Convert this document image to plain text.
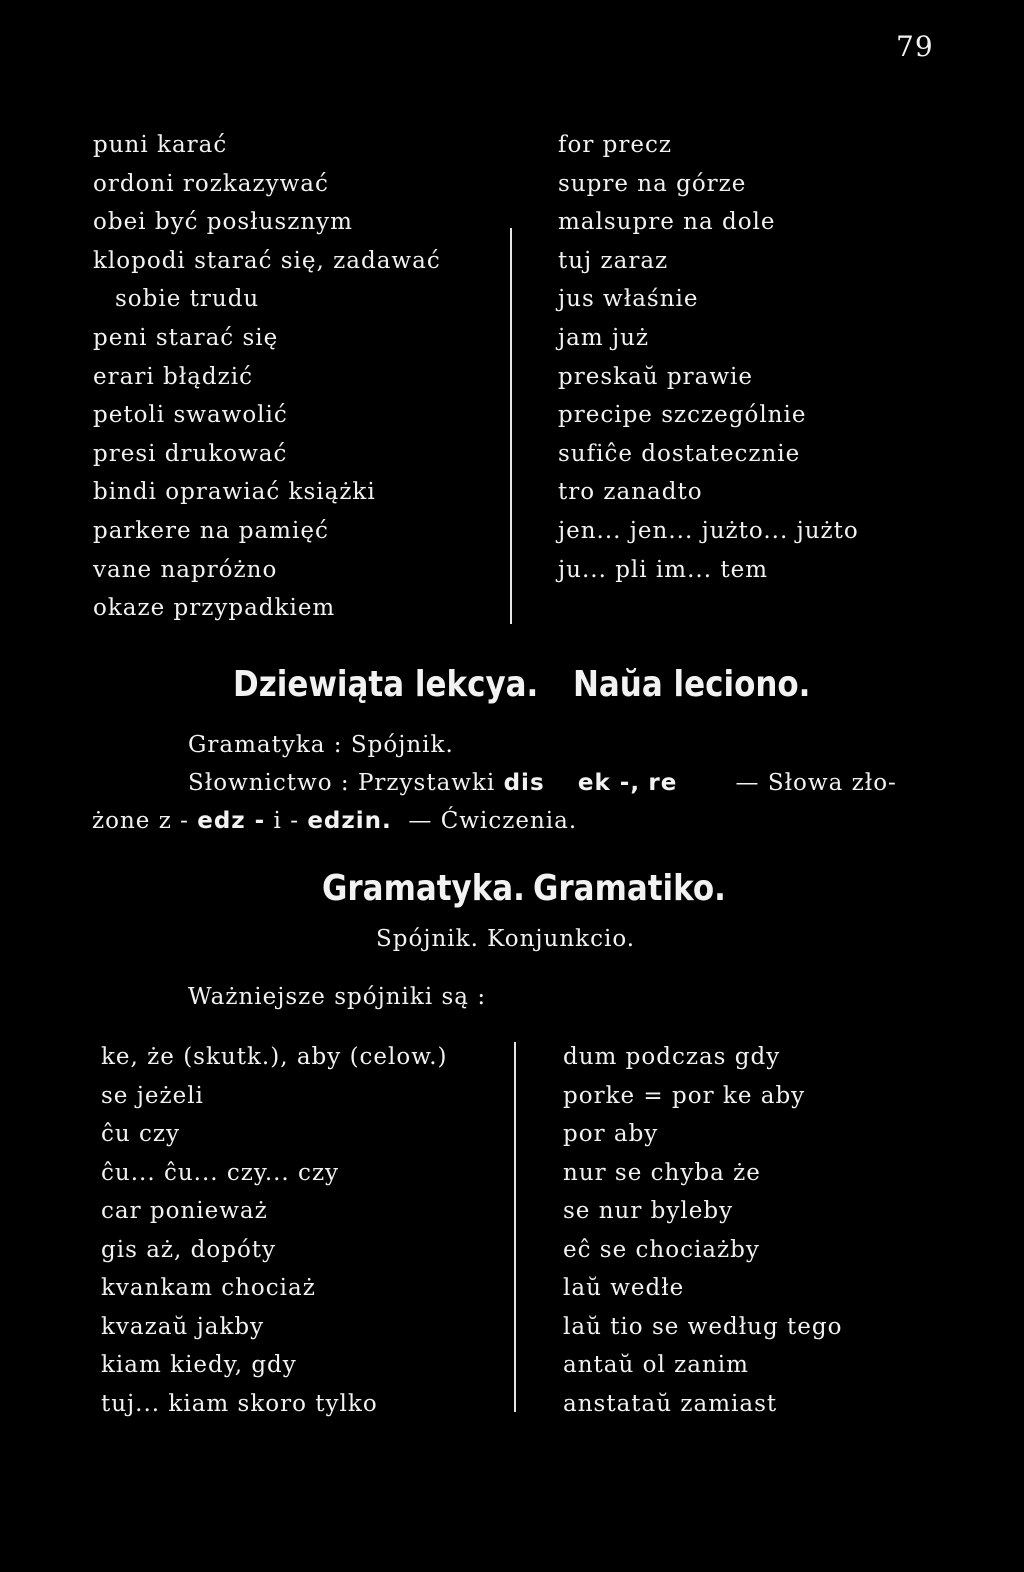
79
puni karać
ordoni rozkazywać
obei być posłusznym
klopodi starać się, zadawać
sobie trudu
peni starać się
erari błądzić
petoli swawolić
presi drukować
bindi oprawiać książki
parkere na pamięć
vane napróżno
okaze przypadkiem
for precz
supre na górze
malsupre na dole
tuj zaraz
jus właśnie
jam już
preskaŭ prawie
precipe szczególnie
sufiĉe dostatecznie
tro zanadto
jen... jen... jużto... jużto
ju... pli im... tem
Dziewiąta lekcya. Naŭa leciono.
Gramatyka : Spójnik.
Słownictwo : Przystawki dis ek -, re	— Słowa zło-
żone z - edz - i - edzin. — Ćwiczenia.
Gramatyka. Gramatiko.
Spójnik. Konjunkcio.
Ważniejsze spójniki są :
ke, że (skutk.), aby (celow.)
se jeżeli
ĉu czy
ĉu... ĉu... czy... czy
car ponieważ
gis aż, dopóty
kvankam chociaż
kvazaŭ jakby
kiam kiedy, gdy
tuj... kiam skoro tylko
dum podczas gdy
porke = por ke aby
por aby
nur se chyba że
se nur byleby
eĉ se chociażby
laŭ wedłe
laŭ tio se według tego
antaŭ ol zanim
anstataŭ zamiast
